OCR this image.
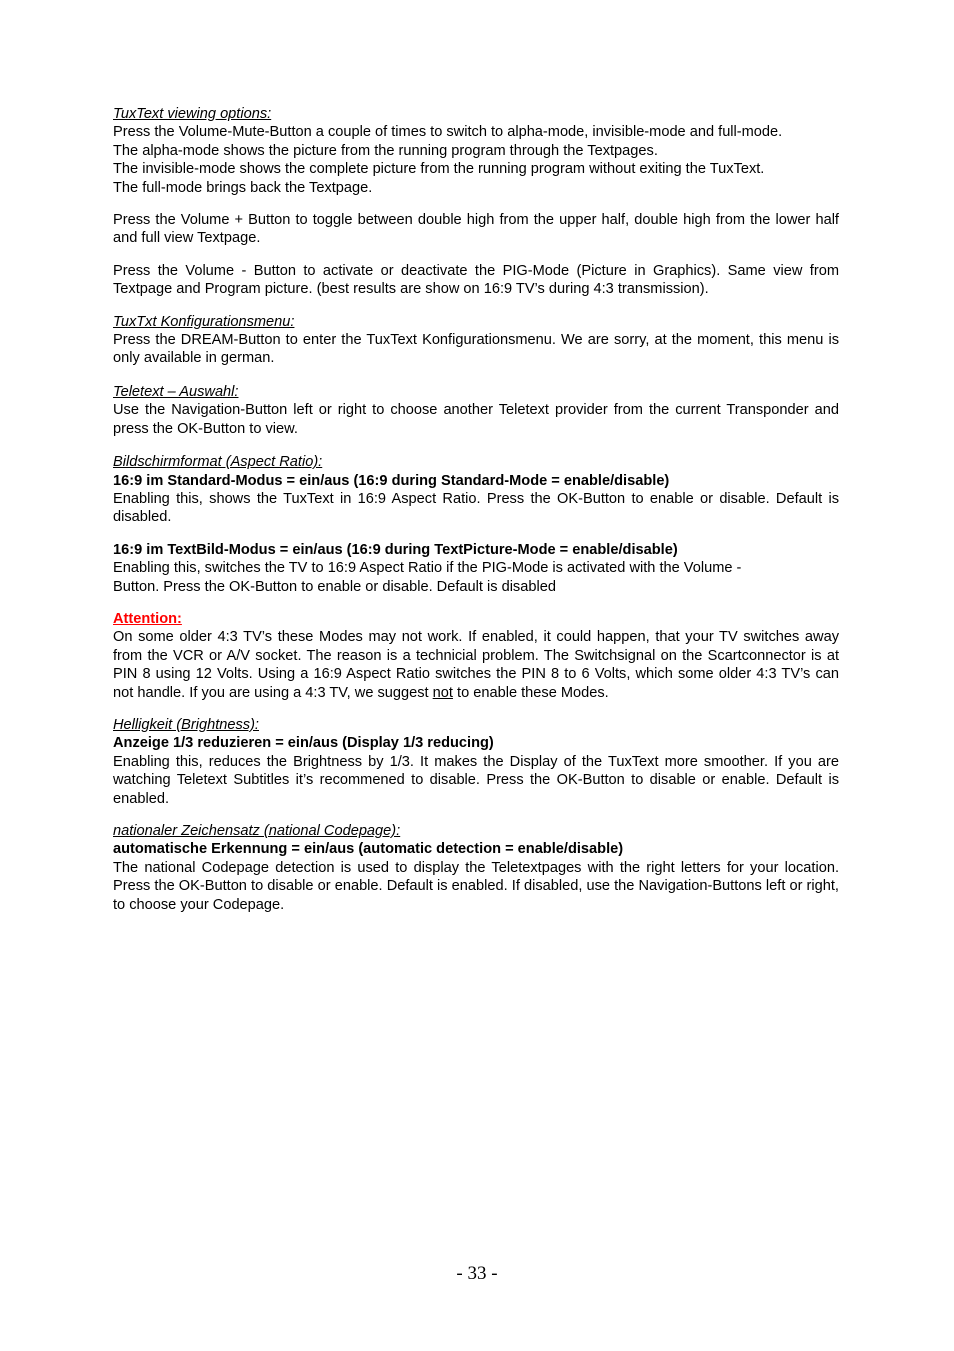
TuxText viewing options:
Press the Volume-Mute-Button a couple of times to switch to alpha-mode, invisible-mode and full-mode.
The alpha-mode shows the picture from the running program through the Textpages.
The invisible-mode shows the complete picture from the running program without exiting the TuxText.
The full-mode brings back the Textpage.
Press the Volume + Button to toggle between double high from the upper half, double high from the lower half and full view Textpage.
Press the Volume - Button to activate or deactivate the PIG-Mode (Picture in Graphics). Same view from Textpage and Program picture. (best results are show on 16:9 TV’s during 4:3 transmission).
TuxTxt Konfigurationsmenu:
Press the DREAM-Button to enter the TuxText Konfigurationsmenu. We are sorry, at the moment, this menu is only available in german.
Teletext – Auswahl:
Use the Navigation-Button left or right to choose another Teletext provider from the current Transponder and press the OK-Button to view.
Bildschirmformat (Aspect Ratio):
16:9 im Standard-Modus = ein/aus (16:9 during Standard-Mode = enable/disable)
Enabling this, shows the TuxText in 16:9 Aspect Ratio. Press the OK-Button to enable or disable. Default is disabled.
16:9 im TextBild-Modus = ein/aus (16:9 during TextPicture-Mode = enable/disable)
Enabling this, switches the TV to 16:9 Aspect Ratio if the PIG-Mode is activated with the Volume -
Button. Press the OK-Button to enable or disable. Default is disabled
Attention:
On some older 4:3 TV’s these Modes may not work. If enabled, it could happen, that your TV switches away from the VCR or A/V socket. The reason is a technicial problem. The Switchsignal on the Scartconnector is at PIN 8 using 12 Volts. Using a 16:9 Aspect Ratio switches the PIN 8 to 6 Volts, which some older 4:3 TV’s can not handle. If you are using a 4:3 TV, we suggest not to enable these Modes.
Helligkeit (Brightness):
Anzeige 1/3 reduzieren = ein/aus (Display 1/3 reducing)
Enabling this, reduces the Brightness by 1/3. It makes the Display of the TuxText more smoother. If you are watching Teletext Subtitles it’s recommened to disable. Press the OK-Button to disable or enable. Default is enabled.
nationaler Zeichensatz (national Codepage):
automatische Erkennung = ein/aus (automatic detection = enable/disable)
The national Codepage detection is used to display the Teletextpages with the right letters for your location. Press the OK-Button to disable or enable. Default is enabled. If disabled, use the Navigation-Buttons left or right, to choose your Codepage.
- 33 -
